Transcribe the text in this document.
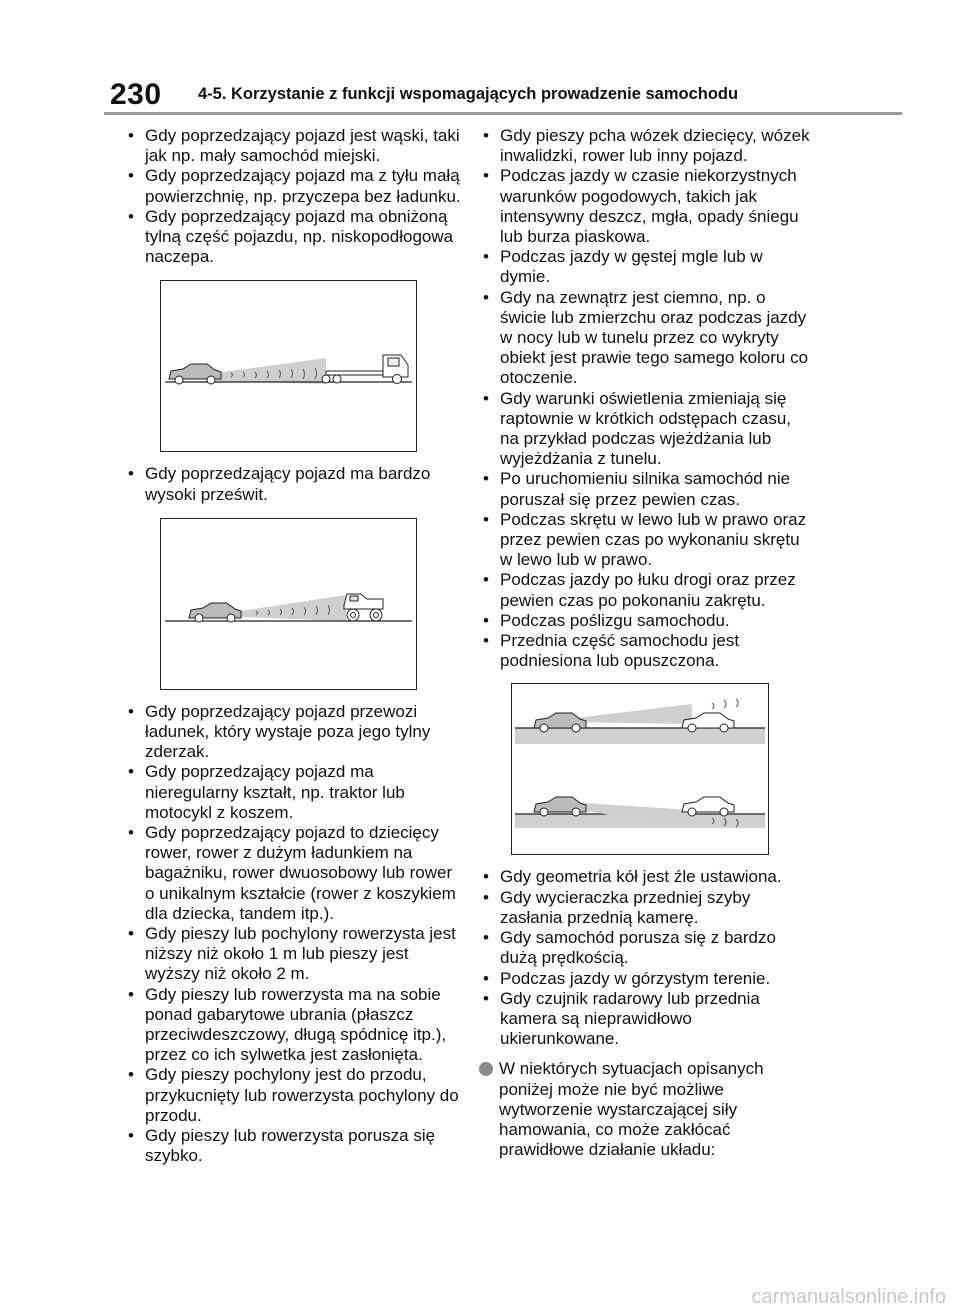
230 4-5. Korzystanie z funkcji wspomagających prowadzenie samochodu
• Gdy poprzedzający pojazd jest wąski, taki jak np. mały samochód miejski.
• Gdy poprzedzający pojazd ma z tyłu małą powierzchnię, np. przyczepa bez ładunku.
• Gdy poprzedzający pojazd ma obniżoną tylną część pojazdu, np. niskopodłogowa naczepa.
• Gdy poprzedzający pojazd ma bardzo wysoki prześwit.
• Gdy poprzedzający pojazd przewozi ładunek, który wystaje poza jego tylny zderzak.
• Gdy poprzedzający pojazd ma nieregularny kształt, np. traktor lub motocykl z koszem.
• Gdy poprzedzający pojazd to dziecięcy rower, rower z dużym ładunkiem na bagażniku, rower dwuosobowy lub rower o unikalnym kształcie (rower z koszykiem dla dziecka, tandem itp.).
• Gdy pieszy lub pochylony rowerzysta jest niższy niż około 1 m lub pieszy jest wyższy niż około 2 m.
• Gdy pieszy lub rowerzysta ma na sobie ponad gabarytowe ubrania (płaszcz przeciwdeszczowy, długą spódnicę itp.), przez co ich sylwetka jest zasłonięta.
• Gdy pieszy pochylony jest do przodu, przykucnięty lub rowerzysta pochylony do przodu.
• Gdy pieszy lub rowerzysta porusza się szybko.
• Gdy pieszy pcha wózek dziecięcy, wózek inwalidzki, rower lub inny pojazd.
• Podczas jazdy w czasie niekorzystnych warunków pogodowych, takich jak intensywny deszcz, mgła, opady śniegu lub burza piaskowa.
• Podczas jazdy w gęstej mgle lub w dymie.
• Gdy na zewnątrz jest ciemno, np. o świcie lub zmierzchu oraz podczas jazdy w nocy lub w tunelu przez co wykryty obiekt jest prawie tego samego koloru co otoczenie.
• Gdy warunki oświetlenia zmieniają się raptownie w krótkich odstępach czasu, na przykład podczas wjeżdżania lub wyjeżdżania z tunelu.
• Po uruchomieniu silnika samochód nie poruszał się przez pewien czas.
• Podczas skrętu w lewo lub w prawo oraz przez pewien czas po wykonaniu skrętu w lewo lub w prawo.
• Podczas jazdy po łuku drogi oraz przez pewien czas po pokonaniu zakrętu.
• Podczas poślizgu samochodu.
• Przednia część samochodu jest podniesiona lub opuszczona.
• Gdy geometria kół jest źle ustawiona.
• Gdy wycieraczka przedniej szyby zasłania przednią kamerę.
• Gdy samochód porusza się z bardzo dużą prędkością.
• Podczas jazdy w górzystym terenie.
• Gdy czujnik radarowy lub przednia kamera są nieprawidłowo ukierunkowane.
W niektórych sytuacjach opisanych poniżej może nie być możliwe wytworzenie wystarczającej siły hamowania, co może zakłócać prawidłowe działanie układu:
carmanualsonline.info
